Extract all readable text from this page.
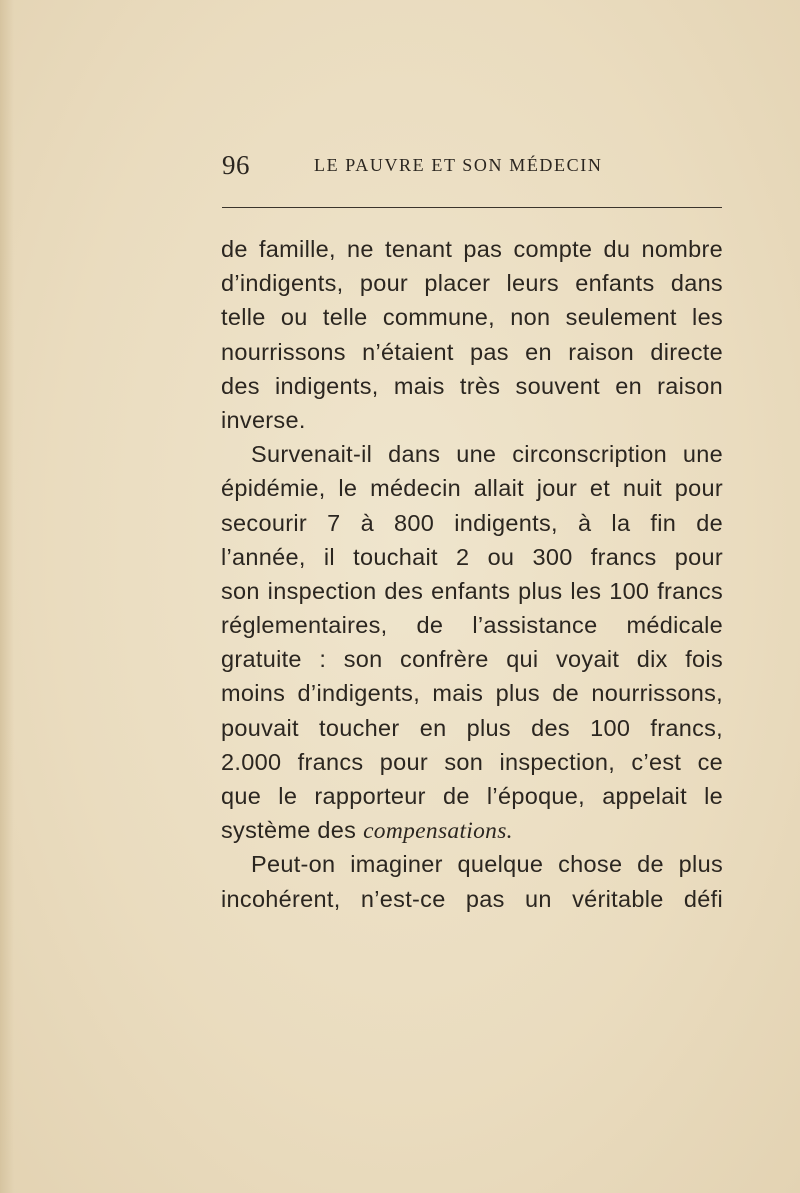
96	LE PAUVRE ET SON MÉDECIN
de famille, ne tenant pas compte du nombre
d’indigents, pour placer leurs enfants dans
telle ou telle commune, non seulement les
nourrissons n’étaient pas en raison directe
des indigents, mais très souvent en raison
inverse.
Survenait-il dans une circonscription une
épidémie, le médecin allait jour et nuit pour
secourir 7 à 800 indigents, à la fin de
l’année, il touchait 2 ou 300 francs pour
son inspection des enfants plus les 100 francs
réglementaires, de l’assistance médicale
gratuite : son confrère qui voyait dix fois
moins d’indigents, mais plus de nourrissons,
pouvait toucher en plus des 100 francs,
2.000 francs pour son inspection, c’est ce
que le rapporteur de l’époque, appelait le
système des compensations.
Peut-on imaginer quelque chose de plus
incohérent, n’est-ce pas un véritable défi
